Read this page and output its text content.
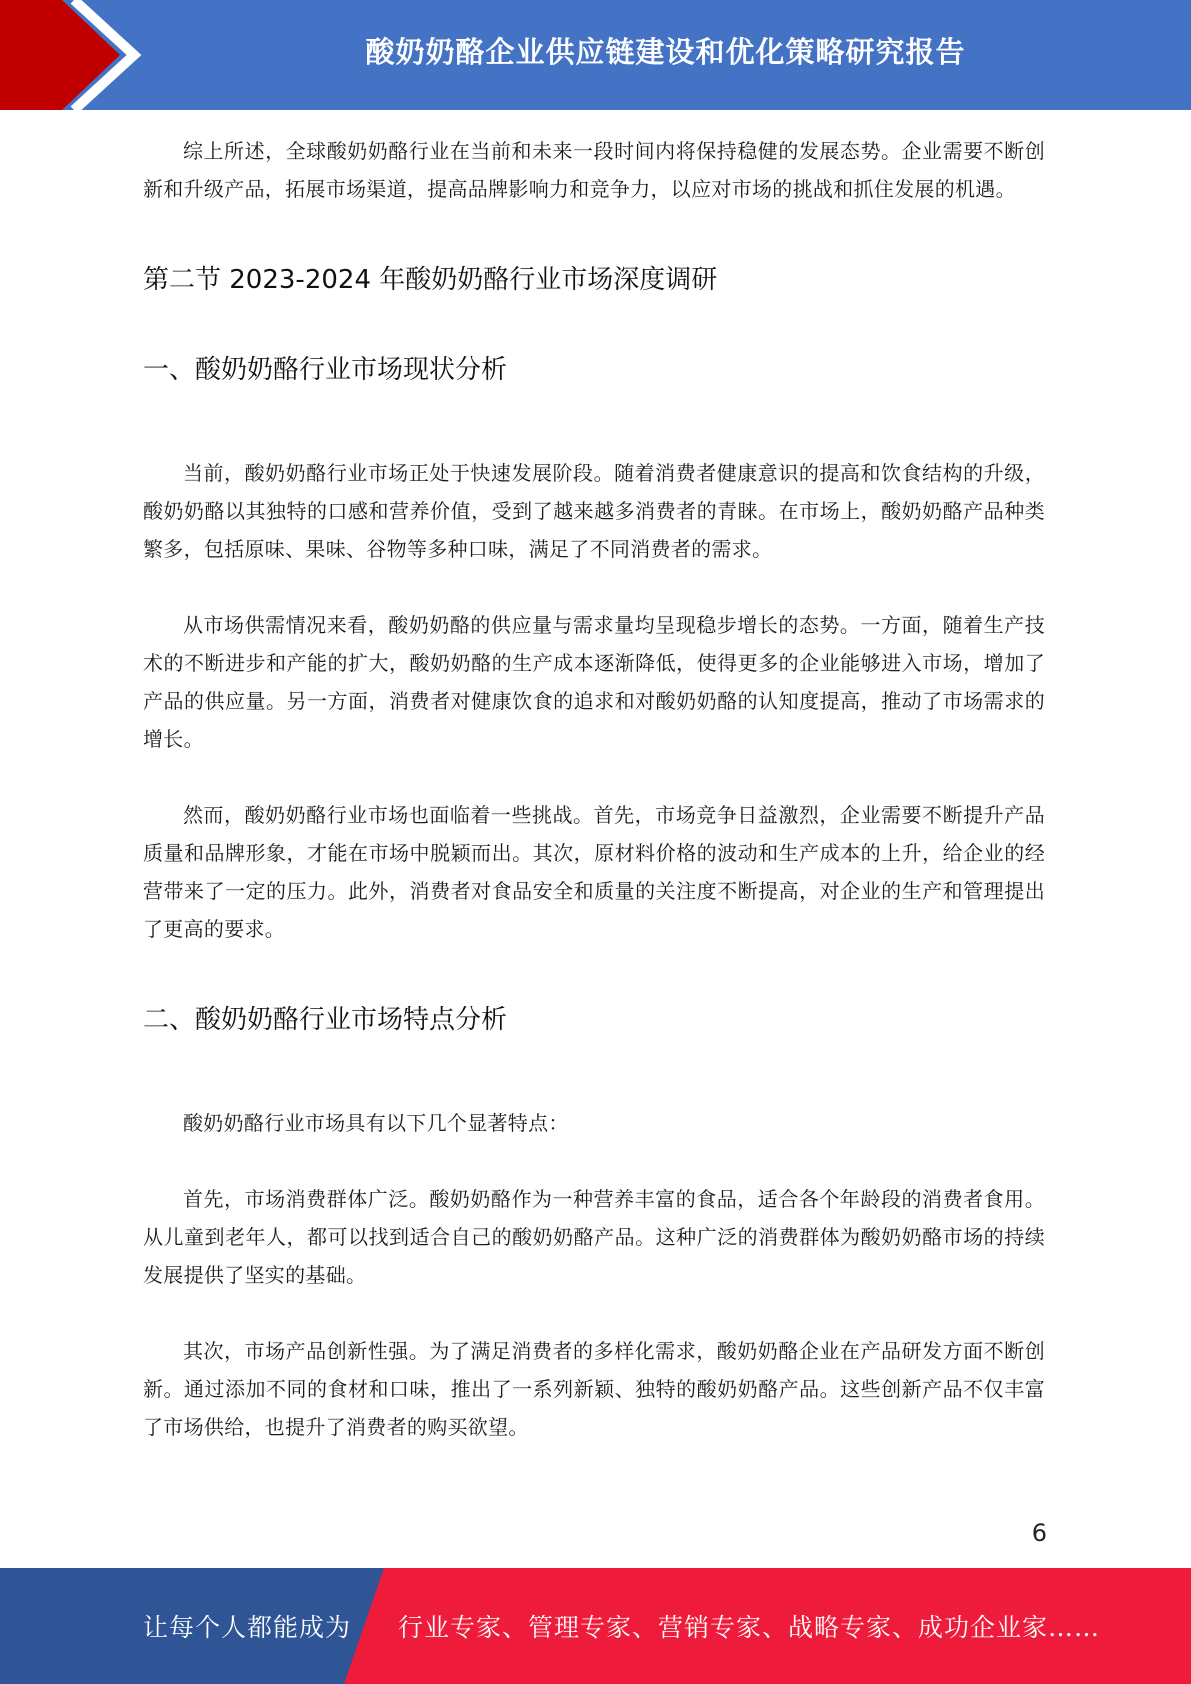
酸奶奶酪企业供应链建设和优化策略研究报告

综上所述，全球酸奶奶酪行业在当前和未来一段时间内将保持稳健的发展态势。企业需要不断创新和升级产品，拓展市场渠道，提高品牌影响力和竞争力，以应对市场的挑战和抓住发展的机遇。

第二节 2023-2024 年酸奶奶酪行业市场深度调研
一、酸奶奶酪行业市场现状分析

当前，酸奶奶酪行业市场正处于快速发展阶段。随着消费者健康意识的提高和饮食结构的升级，酸奶奶酪以其独特的口感和营养价值，受到了越来越多消费者的青睐。在市场上，酸奶奶酪产品种类繁多，包括原味、果味、谷物等多种口味，满足了不同消费者的需求。

从市场供需情况来看，酸奶奶酪的供应量与需求量均呈现稳步增长的态势。一方面，随着生产技术的不断进步和产能的扩大，酸奶奶酪的生产成本逐渐降低，使得更多的企业能够进入市场，增加了产品的供应量。另一方面，消费者对健康饮食的追求和对酸奶奶酪的认知度提高，推动了市场需求的增长。

然而，酸奶奶酪行业市场也面临着一些挑战。首先，市场竞争日益激烈，企业需要不断提升产品质量和品牌形象，才能在市场中脱颖而出。其次，原材料价格的波动和生产成本的上升，给企业的经营带来了一定的压力。此外，消费者对食品安全和质量的关注度不断提高，对企业的生产和管理提出了更高的要求。

二、酸奶奶酪行业市场特点分析

酸奶奶酪行业市场具有以下几个显著特点：

首先，市场消费群体广泛。酸奶奶酪作为一种营养丰富的食品，适合各个年龄段的消费者食用。从儿童到老年人，都可以找到适合自己的酸奶奶酪产品。这种广泛的消费群体为酸奶奶酪市场的持续发展提供了坚实的基础。

其次，市场产品创新性强。为了满足消费者的多样化需求，酸奶奶酪企业在产品研发方面不断创新。通过添加不同的食材和口味，推出了一系列新颖、独特的酸奶奶酪产品。这些创新产品不仅丰富了市场供给，也提升了消费者的购买欲望。

6
让每个人都能成为 行业专家、管理专家、营销专家、战略专家、成功企业家……
